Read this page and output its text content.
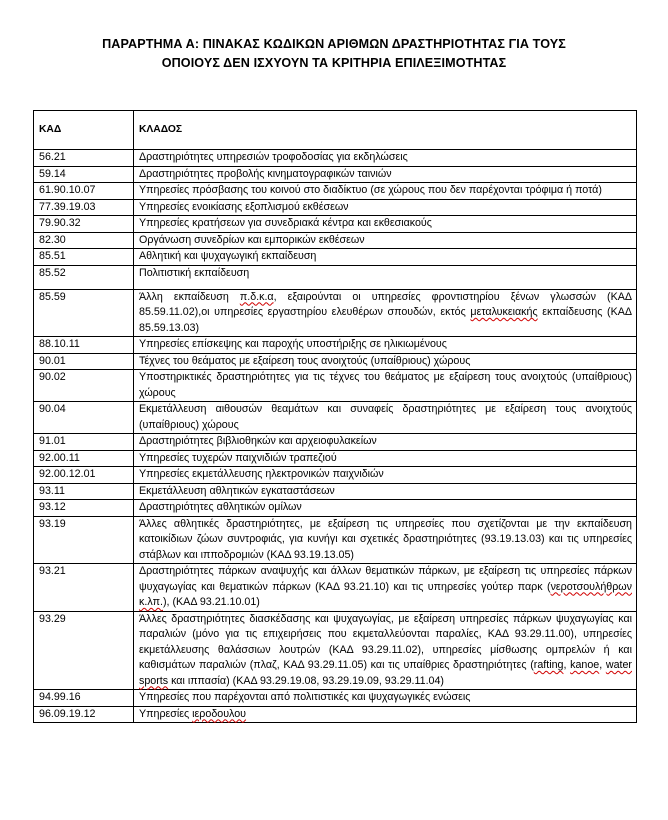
ΠΑΡΑΡΤΗΜΑ Α: ΠΙΝΑΚΑΣ ΚΩΔΙΚΩΝ ΑΡΙΘΜΩΝ ΔΡΑΣΤΗΡΙΟΤΗΤΑΣ ΓΙΑ ΤΟΥΣ
ΟΠΟΙΟΥΣ ΔΕΝ ΙΣΧΥΟΥΝ ΤΑ ΚΡΙΤΗΡΙΑ ΕΠΙΛΕΞΙΜΟΤΗΤΑΣ
ΚΑΔ	ΚΛΑΔΟΣ
56.21	Δραστηριότητες υπηρεσιών τροφοδοσίας για εκδηλώσεις
59.14	Δραστηριότητες προβολής κινηματογραφικών ταινιών
61.90.10.07	Υπηρεσίες πρόσβασης του κοινού στο διαδίκτυο (σε χώρους που δεν παρέχονται τρόφιμα ή ποτά)
77.39.19.03	Υπηρεσίες ενοικίασης εξοπλισμού εκθέσεων
79.90.32	Υπηρεσίες κρατήσεων για συνεδριακά κέντρα και εκθεσιακούς
82.30	Οργάνωση συνεδρίων και εμπορικών εκθέσεων
85.51	Αθλητική και ψυχαγωγική εκπαίδευση
85.52	Πολιτιστική εκπαίδευση
85.59	Άλλη εκπαίδευση π.δ.κ.α, εξαιρούνται οι υπηρεσίες φροντιστηρίου ξένων γλωσσών (ΚΑΔ 85.59.11.02),οι υπηρεσίες εργαστηρίου ελευθέρων σπουδών, εκτός μεταλυκειακής εκπαίδευσης (ΚΑΔ 85.59.13.03)
88.10.11	Υπηρεσίες επίσκεψης και παροχής υποστήριξης σε ηλικιωμένους
90.01	Τέχνες του θεάματος με εξαίρεση τους ανοιχτούς (υπαίθριους) χώρους
90.02	Υποστηρικτικές δραστηριότητες για τις τέχνες του θεάματος με εξαίρεση τους ανοιχτούς (υπαίθριους) χώρους
90.04	Εκμετάλλευση αιθουσών θεαμάτων και συναφείς δραστηριότητες με εξαίρεση τους ανοιχτούς (υπαίθριους) χώρους
91.01	Δραστηριότητες βιβλιοθηκών και αρχειοφυλακείων
92.00.11	Υπηρεσίες τυχερών παιχνιδιών τραπεζιού
92.00.12.01	Υπηρεσίες εκμετάλλευσης ηλεκτρονικών παιχνιδιών
93.11	Εκμετάλλευση αθλητικών εγκαταστάσεων
93.12	Δραστηριότητες αθλητικών ομίλων
93.19	Άλλες αθλητικές δραστηριότητες, με εξαίρεση τις υπηρεσίες που σχετίζονται με την εκπαίδευση κατοικίδιων ζώων συντροφιάς, για κυνήγι και σχετικές δραστηριότητες (93.19.13.03) και τις υπηρεσίες στάβλων και ιπποδρομιών (ΚΑΔ 93.19.13.05)
93.21	Δραστηριότητες πάρκων αναψυχής και άλλων θεματικών πάρκων, με εξαίρεση τις υπηρεσίες πάρκων ψυχαγωγίας και θεματικών πάρκων (ΚΑΔ 93.21.10) και τις υπηρεσίες γούτερ παρκ (νεροτσουλήθρων κ.λπ.), (ΚΑΔ 93.21.10.01)
93.29	Άλλες δραστηριότητες διασκέδασης και ψυχαγωγίας, με εξαίρεση υπηρεσίες πάρκων ψυχαγωγίας και παραλιών (μόνο για τις επιχειρήσεις που εκμεταλλεύονται παραλίες, ΚΑΔ 93.29.11.00), υπηρεσίες εκμετάλλευσης θαλάσσιων λουτρών (ΚΑΔ 93.29.11.02), υπηρεσίες μίσθωσης ομπρελών ή και καθισμάτων παραλιών (πλαζ, ΚΑΔ 93.29.11.05) και τις υπαίθριες δραστηριότητες (rafting, kanoe, water sports και ιππασία) (ΚΑΔ 93.29.19.08, 93.29.19.09, 93.29.11.04)
94.99.16	Υπηρεσίες που παρέχονται από πολιτιστικές και ψυχαγωγικές ενώσεις
96.09.19.12	Υπηρεσίες ιεροδουλου
